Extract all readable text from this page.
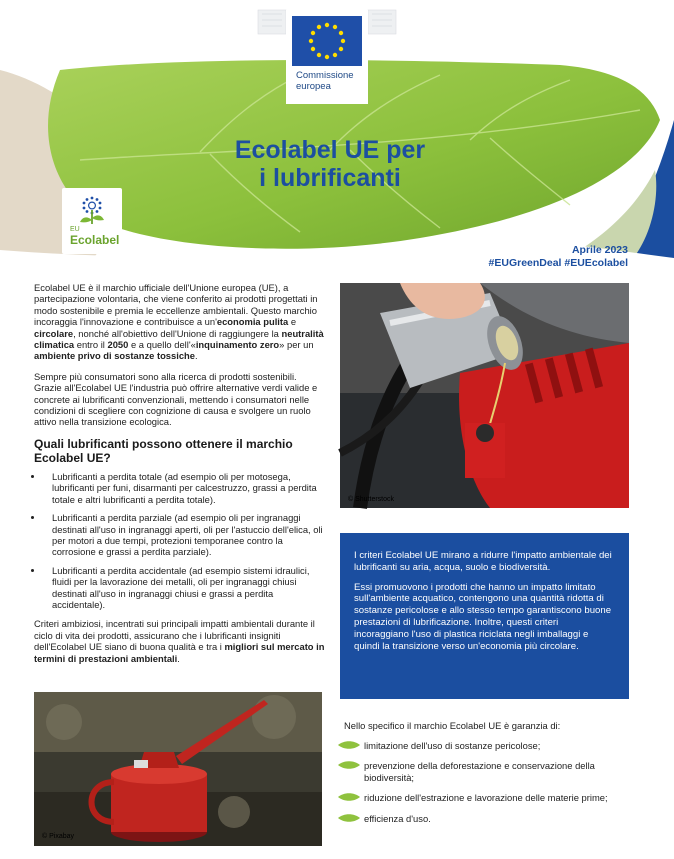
Commissione
europea
Ecolabel UE per
i lubrificanti
EU
Ecolabel
Aprile 2023
#EUGreenDeal #EUEcolabel

Ecolabel UE è il marchio ufficiale dell'Unione europea (UE), a partecipazione volontaria, che viene conferito ai prodotti progettati in modo sostenibile e premia le eccellenze ambientali. Questo marchio incoraggia l'innovazione e contribuisce a un'economia pulita e circolare, nonché all'obiettivo dell'Unione di raggiungere la neutralità climatica entro il 2050 e a quello dell'«inquinamento zero» per un ambiente privo di sostanze tossiche.

Sempre più consumatori sono alla ricerca di prodotti sostenibili. Grazie all'Ecolabel UE l'industria può offrire alternative verdi valide e concrete ai lubrificanti convenzionali, mettendo i consumatori nelle condizioni di scegliere con cognizione di causa e svolgere un ruolo attivo nella transizione ecologica.

Quali lubrificanti possono ottenere il marchio Ecolabel UE?
• Lubrificanti a perdita totale (ad esempio oli per motosega, lubrificanti per funi, disarmanti per calcestruzzo, grassi a perdita totale e altri lubrificanti a perdita totale).
• Lubrificanti a perdita parziale (ad esempio oli per ingranaggi destinati all'uso in ingranaggi aperti, oli per l'astuccio dell'elica, oli per motori a due tempi, protezioni temporanee contro la corrosione e grassi a perdita parziale).
• Lubrificanti a perdita accidentale (ad esempio sistemi idraulici, fluidi per la lavorazione dei metalli, oli per ingranaggi chiusi destinati all'uso in ingranaggi chiusi e grassi a perdita accidentale).

Criteri ambiziosi, incentrati sui principali impatti ambientali durante il ciclo di vita dei prodotti, assicurano che i lubrificanti insigniti dell'Ecolabel UE siano di buona qualità e tra i migliori sul mercato in termini di prestazioni ambientali.

© Shutterstock

I criteri Ecolabel UE mirano a ridurre l'impatto ambientale dei lubrificanti su aria, acqua, suolo e biodiversità.

Essi promuovono i prodotti che hanno un impatto limitato sull'ambiente acquatico, contengono una quantità ridotta di sostanze pericolose e allo stesso tempo garantiscono buone prestazioni di lubrificazione. Inoltre, questi criteri incoraggiano l'uso di plastica riciclata negli imballaggi e quindi la transizione verso un'economia più circolare.

© Pixabay
Nello specifico il marchio Ecolabel UE è garanzia di:
limitazione dell'uso di sostanze pericolose;
prevenzione della deforestazione e conservazione della biodiversità;
riduzione dell'estrazione e lavorazione delle materie prime;
efficienza d'uso.
